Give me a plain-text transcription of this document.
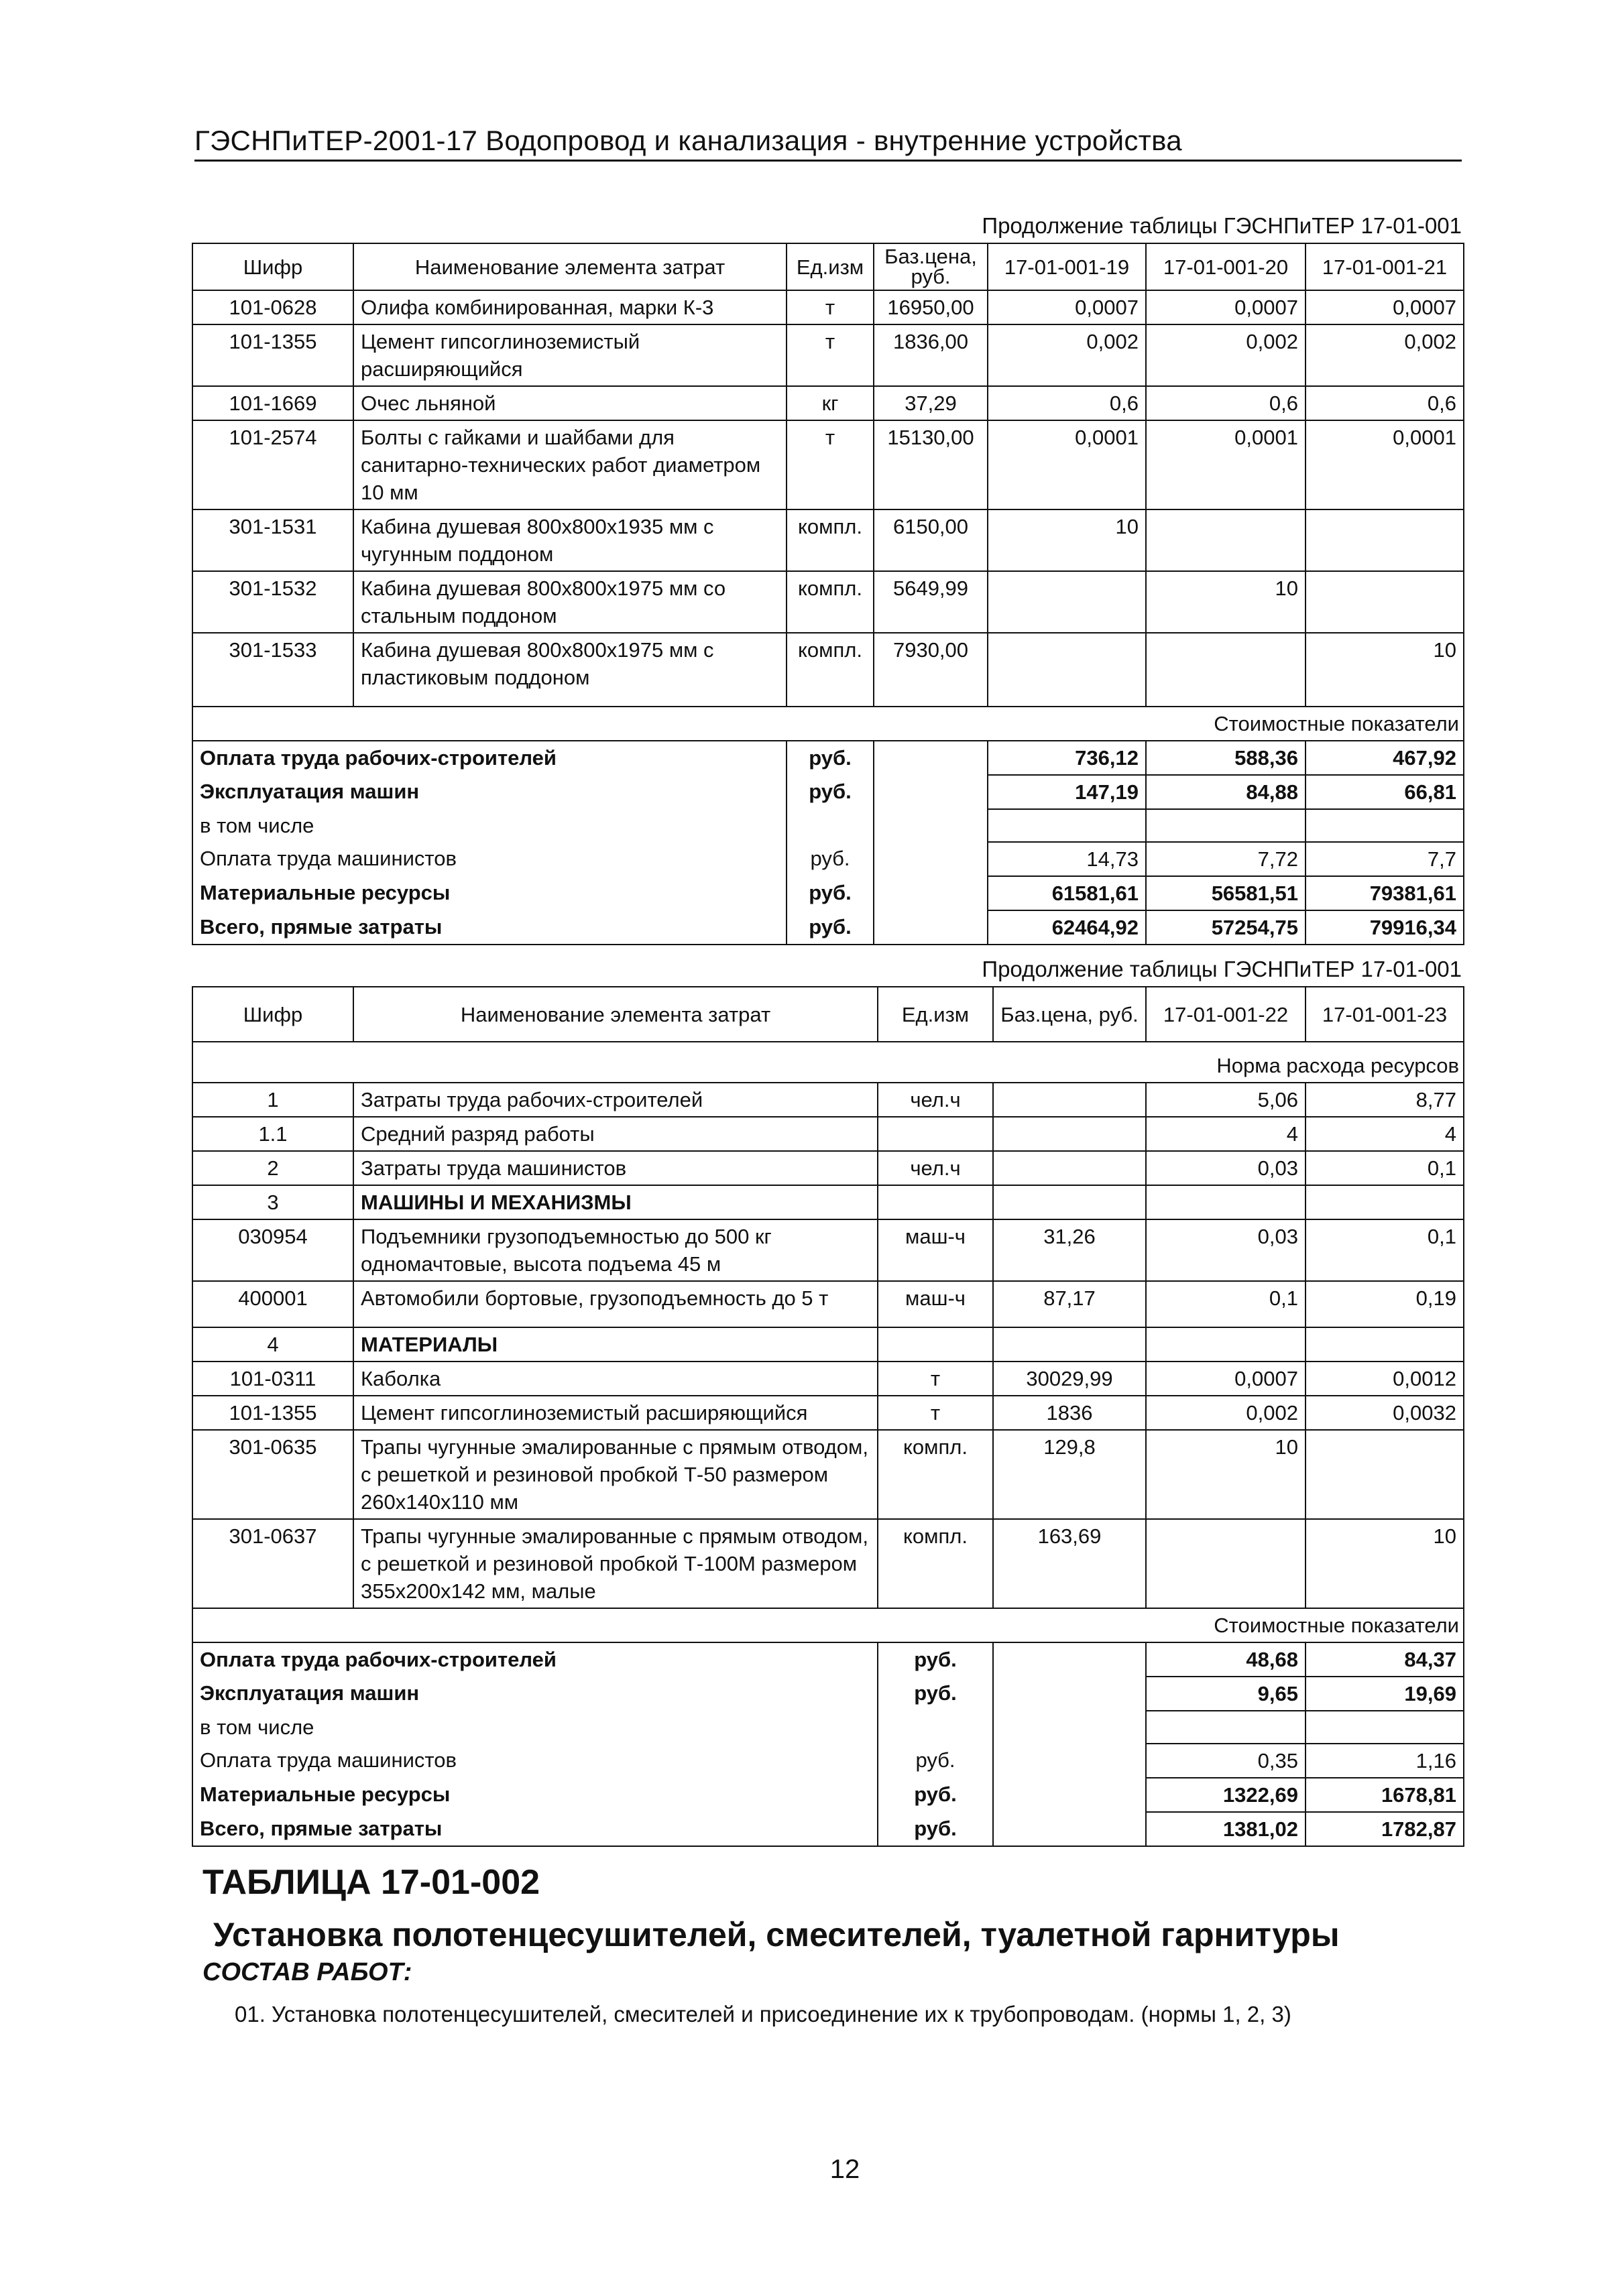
ГЭСНПиТЕР-2001-17 Водопровод и канализация - внутренние устройства
Продолжение таблицы ГЭСНПиТЕР 17-01-001
Шифр	Наименование элемента затрат	Ед.изм	Баз.цена, руб.	17-01-001-19	17-01-001-20	17-01-001-21
101-0628	Олифа комбинированная, марки К-3	т	16950,00	0,0007	0,0007	0,0007
101-1355	Цемент гипсоглиноземистый расширяющийся	т	1836,00	0,002	0,002	0,002
101-1669	Очес льняной	кг	37,29	0,6	0,6	0,6
101-2574	Болты с гайками и шайбами для санитарно-технических работ диаметром 10 мм	т	15130,00	0,0001	0,0001	0,0001
301-1531	Кабина душевая 800х800х1935 мм с чугунным поддоном	компл.	6150,00	10		
301-1532	Кабина душевая 800х800х1975 мм со стальным поддоном	компл.	5649,99		10	
301-1533	Кабина душевая 800х800х1975 мм с пластиковым поддоном	компл.	7930,00			10
Стоимостные показатели						
Оплата труда рабочих-строителей		руб.		736,12	588,36	467,92
Эксплуатация машин		руб.		147,19	84,88	66,81
в том числе						
Оплата труда машинистов		руб.		14,73	7,72	7,7
Материальные ресурсы		руб.		61581,61	56581,51	79381,61
Всего, прямые затраты		руб.		62464,92	57254,75	79916,34
Продолжение таблицы ГЭСНПиТЕР 17-01-001
Шифр	Наименование элемента затрат	Ед.изм	Баз.цена, руб.	17-01-001-22	17-01-001-23

Норма расхода ресурсов					
1	Затраты труда рабочих-строителей	чел.ч		5,06	8,77
1.1	Средний разряд работы			4	4
2	Затраты труда машинистов	чел.ч		0,03	0,1
3	МАШИНЫ И МЕХАНИЗМЫ				
030954	Подъемники грузоподъемностью до 500 кг одномачтовые, высота подъема 45 м	маш-ч	31,26	0,03	0,1
400001	Автомобили бортовые, грузоподъемность до 5 т	маш-ч	87,17	0,1	0,19
4	МАТЕРИАЛЫ				
101-0311	Каболка	т	30029,99	0,0007	0,0012
101-1355	Цемент гипсоглиноземистый расширяющийся	т	1836	0,002	0,0032
301-0635	Трапы чугунные эмалированные с прямым отводом, с решеткой и резиновой пробкой Т-50 размером 260х140х110 мм	компл.	129,8	10	
301-0637	Трапы чугунные эмалированные с прямым отводом, с решеткой и резиновой пробкой Т-100М размером 355х200х142 мм, малые	компл.	163,69		10
Стоимостные показатели					
Оплата труда рабочих-строителей		руб.		48,68	84,37
Эксплуатация машин		руб.		9,65	19,69
в том числе					
Оплата труда машинистов		руб.		0,35	1,16
Материальные ресурсы		руб.		1322,69	1678,81
Всего, прямые затраты		руб.		1381,02	1782,87
ТАБЛИЦА 17-01-002
Установка полотенцесушителей, смесителей, туалетной гарнитуры
СОСТАВ РАБОТ:
01. Установка полотенцесушителей, смесителей и присоединение их к трубопроводам. (нормы 1, 2, 3)
12
